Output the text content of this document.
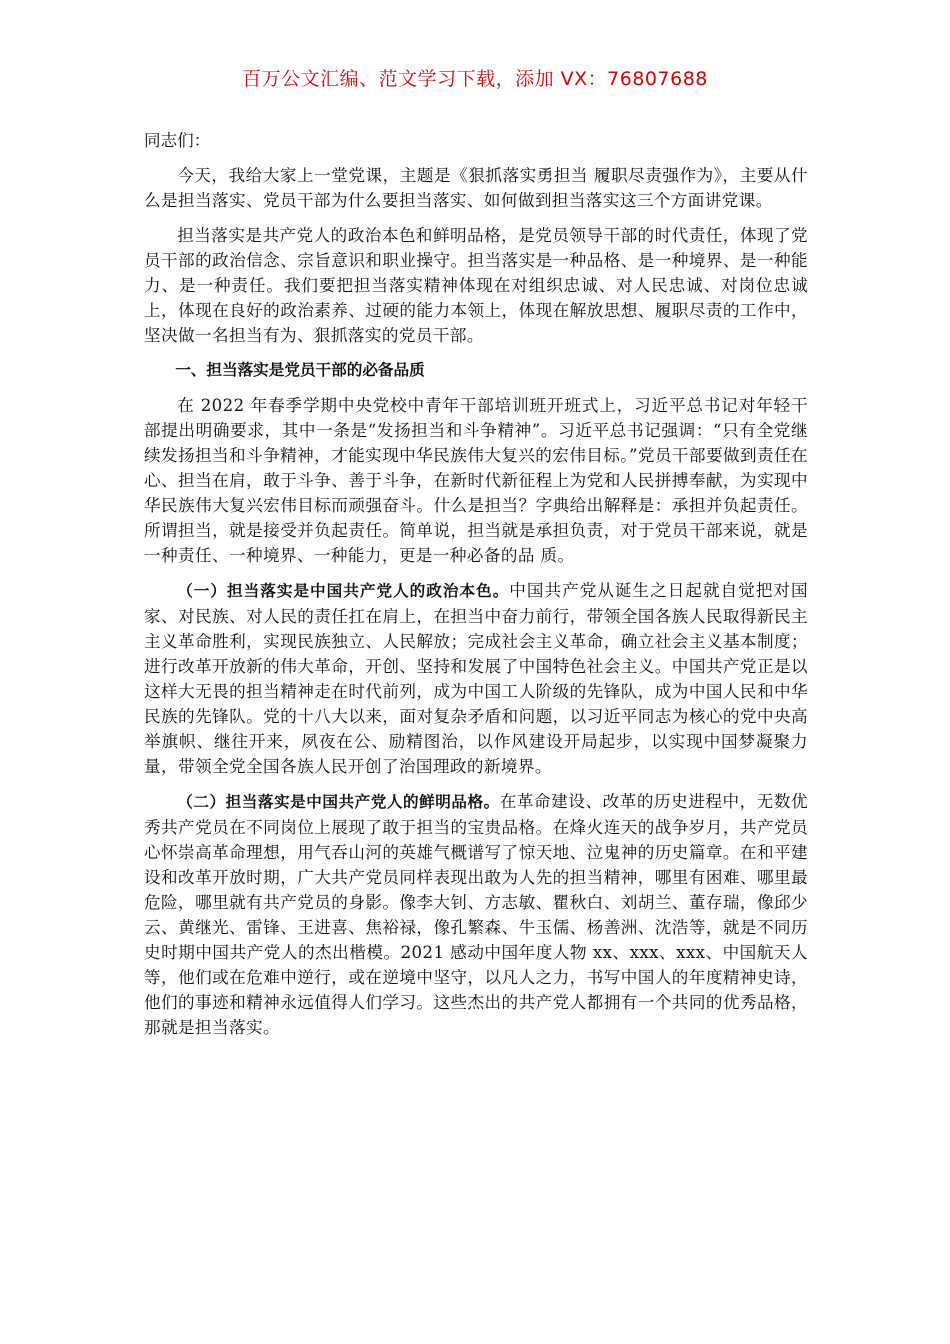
百万公文汇编、范文学习下载，添加 VX：76807688

同志们：

今天，我给大家上一堂党课，主题是《狠抓落实勇担当 履职尽责强作为》，主要从什么是担当落实、党员干部为什么要担当落实、如何做到担当落实这三个方面讲党课。

担当落实是共产党人的政治本色和鲜明品格，是党员领导干部的时代责任，体现了党员干部的政治信念、宗旨意识和职业操守。担当落实是一种品格、是一种境界、是一种能力、是一种责任。我们要把担当落实精神体现在对组织忠诚、对人民忠诚、对岗位忠诚上，体现在良好的政治素养、过硬的能力本领上，体现在解放思想、履职尽责的工作中，坚决做一名担当有为、狠抓落实的党员干部。

一、担当落实是党员干部的必备品质

在 2022 年春季学期中央党校中青年干部培训班开班式上，习近平总书记对年轻干部提出明确要求，其中一条是“发扬担当和斗争精神”。习近平总书记强调：“只有全党继续发扬担当和斗争精神，才能实现中华民族伟大复兴的宏伟目标。”党员干部要做到责任在心、担当在肩，敢于斗争、善于斗争，在新时代新征程上为党和人民拼搏奉献，为实现中华民族伟大复兴宏伟目标而顽强奋斗。什么是担当？字典给出解释是：承担并负起责任。所谓担当，就是接受并负起责任。简单说，担当就是承担负责，对于党员干部来说，就是一种责任、一种境界、一种能力，更是一种必备的品 质。

（一）担当落实是中国共产党人的政治本色。中国共产党从诞生之日起就自觉把对国家、对民族、对人民的责任扛在肩上，在担当中奋力前行，带领全国各族人民取得新民主主义革命胜利，实现民族独立、人民解放；完成社会主义革命，确立社会主义基本制度；进行改革开放新的伟大革命，开创、坚持和发展了中国特色社会主义。中国共产党正是以这样大无畏的担当精神走在时代前列，成为中国工人阶级的先锋队，成为中国人民和中华民族的先锋队。党的十八大以来，面对复杂矛盾和问题，以习近平同志为核心的党中央高举旗帜、继往开来，夙夜在公、励精图治，以作风建设开局起步，以实现中国梦凝聚力量，带领全党全国各族人民开创了治国理政的新境界。

（二）担当落实是中国共产党人的鲜明品格。在革命建设、改革的历史进程中，无数优秀共产党员在不同岗位上展现了敢于担当的宝贵品格。在烽火连天的战争岁月，共产党员心怀崇高革命理想，用气吞山河的英雄气概谱写了惊天地、泣鬼神的历史篇章。在和平建设和改革开放时期，广大共产党员同样表现出敢为人先的担当精神，哪里有困难、哪里最危险，哪里就有共产党员的身影。像李大钊、方志敏、瞿秋白、刘胡兰、董存瑞，像邱少云、黄继光、雷锋、王进喜、焦裕禄，像孔繁森、牛玉儒、杨善洲、沈浩等，就是不同历史时期中国共产党人的杰出楷模。2021 感动中国年度人物 xx、xxx、xxx、中国航天人等，他们或在危难中逆行，或在逆境中坚守，以凡人之力，书写中国人的年度精神史诗，他们的事迹和精神永远值得人们学习。这些杰出的共产党人都拥有一个共同的优秀品格，那就是担当落实。
